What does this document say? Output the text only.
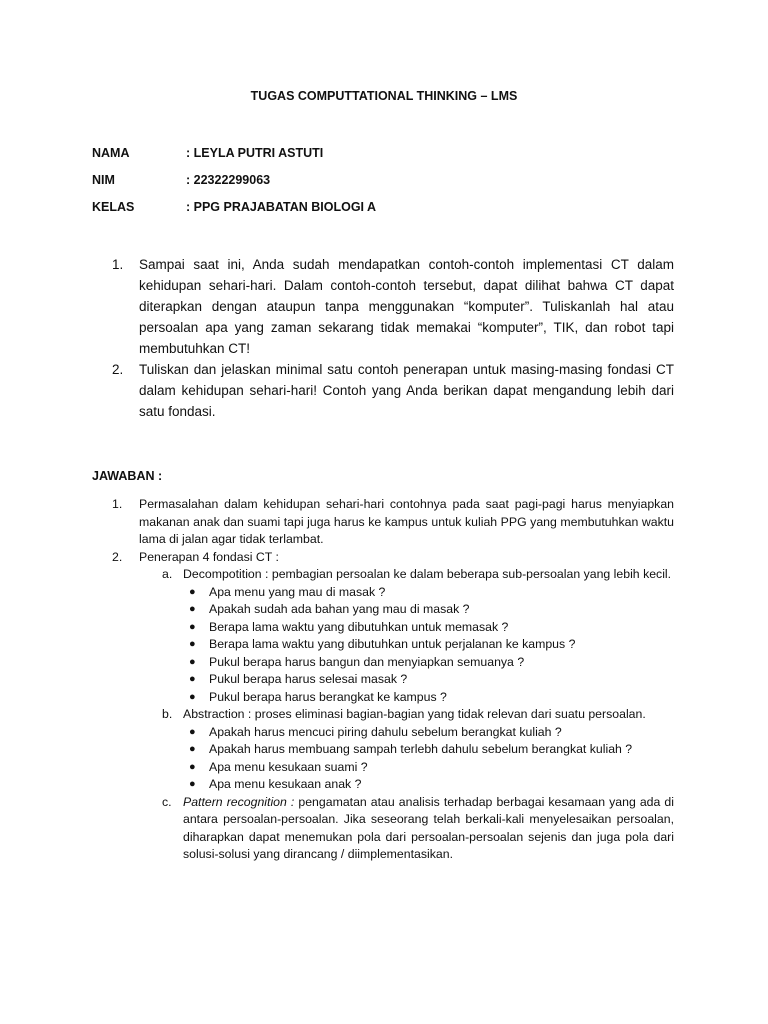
TUGAS COMPUTTATIONAL THINKING – LMS
NAMA	: LEYLA PUTRI ASTUTI
NIM	: 22322299063
KELAS	: PPG PRAJABATAN BIOLOGI A
1. Sampai saat ini, Anda sudah mendapatkan contoh-contoh implementasi CT dalam kehidupan sehari-hari. Dalam contoh-contoh tersebut, dapat dilihat bahwa CT dapat diterapkan dengan ataupun tanpa menggunakan “komputer”. Tuliskanlah hal atau persoalan apa yang zaman sekarang tidak memakai “komputer”, TIK, dan robot tapi membutuhkan CT!
2. Tuliskan dan jelaskan minimal satu contoh penerapan untuk masing-masing fondasi CT dalam kehidupan sehari-hari! Contoh yang Anda berikan dapat mengandung lebih dari satu fondasi.
JAWABAN :
1. Permasalahan dalam kehidupan sehari-hari contohnya pada saat pagi-pagi harus menyiapkan makanan anak dan suami tapi juga harus ke kampus untuk kuliah PPG yang membutuhkan waktu lama di jalan agar tidak terlambat.
2. Penerapan 4 fondasi CT :
a. Decompotition : pembagian persoalan ke dalam beberapa sub-persoalan yang lebih kecil.
● Apa menu yang mau di masak ?
● Apakah sudah ada bahan yang mau di masak ?
● Berapa lama waktu yang dibutuhkan untuk memasak ?
● Berapa lama waktu yang dibutuhkan untuk perjalanan ke kampus ?
● Pukul berapa harus bangun dan menyiapkan semuanya ?
● Pukul berapa harus selesai masak ?
● Pukul berapa harus berangkat ke kampus ?
b. Abstraction : proses eliminasi bagian-bagian yang tidak relevan dari suatu persoalan.
● Apakah harus mencuci piring dahulu sebelum berangkat kuliah ?
● Apakah harus membuang sampah terlebh dahulu sebelum berangkat kuliah ?
● Apa menu kesukaan suami ?
● Apa menu kesukaan anak ?
c. Pattern recognition : pengamatan atau analisis terhadap berbagai kesamaan yang ada di antara persoalan-persoalan. Jika seseorang telah berkali-kali menyelesaikan persoalan, diharapkan dapat menemukan pola dari persoalan-persoalan sejenis dan juga pola dari solusi-solusi yang dirancang / diimplementasikan.
